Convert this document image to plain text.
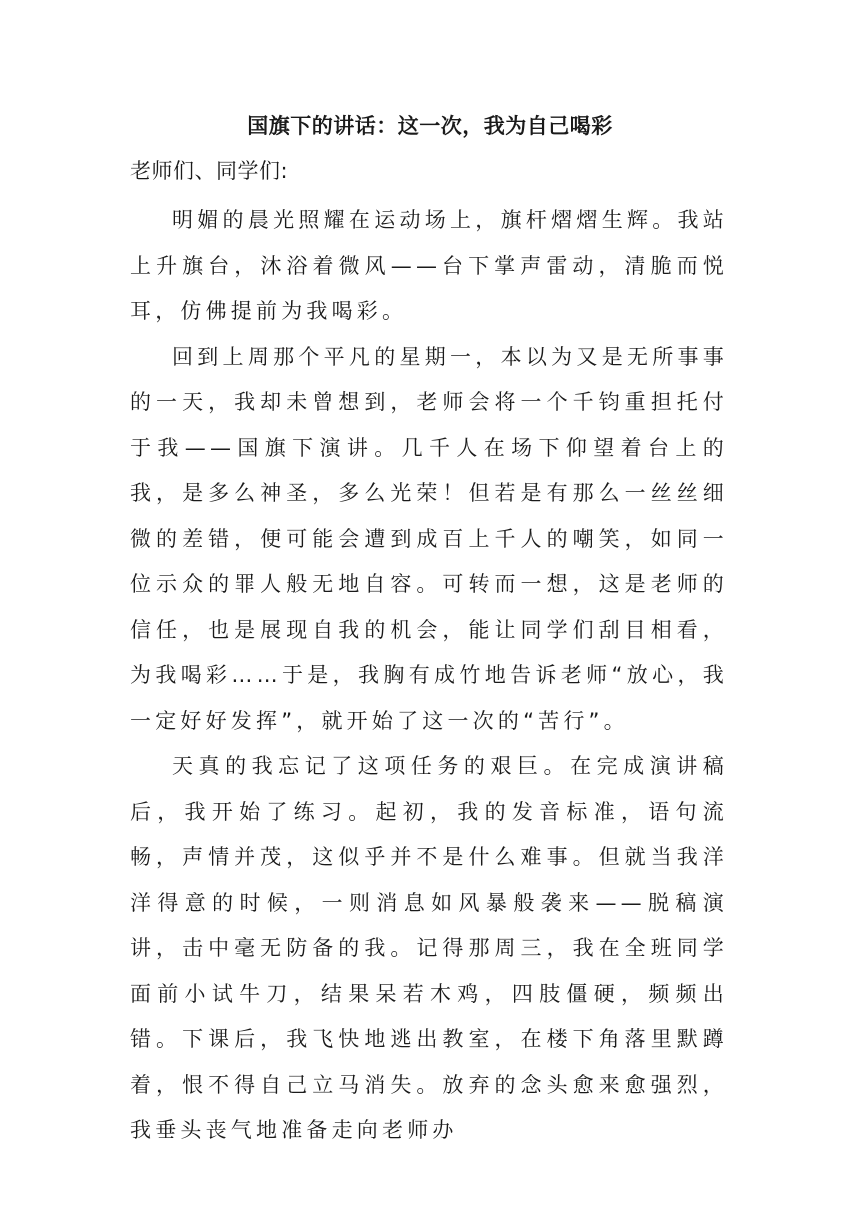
国旗下的讲话：这一次，我为自己喝彩
老师们、同学们:

明媚的晨光照耀在运动场上，旗杆熠熠生辉。我站上升旗台，沐浴着微风——台下掌声雷动，清脆而悦耳，仿佛提前为我喝彩。

回到上周那个平凡的星期一，本以为又是无所事事的一天，我却未曾想到，老师会将一个千钧重担托付于我——国旗下演讲。几千人在场下仰望着台上的我，是多么神圣，多么光荣！但若是有那么一丝丝细微的差错，便可能会遭到成百上千人的嘲笑，如同一位示众的罪人般无地自容。可转而一想，这是老师的信任，也是展现自我的机会，能让同学们刮目相看，为我喝彩……于是，我胸有成竹地告诉老师“放心，我一定好好发挥”，就开始了这一次的“苦行”。

天真的我忘记了这项任务的艰巨。在完成演讲稿后，我开始了练习。起初，我的发音标准，语句流畅，声情并茂，这似乎并不是什么难事。但就当我洋洋得意的时候，一则消息如风暴般袭来——脱稿演讲，击中毫无防备的我。记得那周三，我在全班同学面前小试牛刀，结果呆若木鸡，四肢僵硬，频频出错。下课后，我飞快地逃出教室，在楼下角落里默蹲着，恨不得自己立马消失。放弃的念头愈来愈强烈，我垂头丧气地准备走向老师办
